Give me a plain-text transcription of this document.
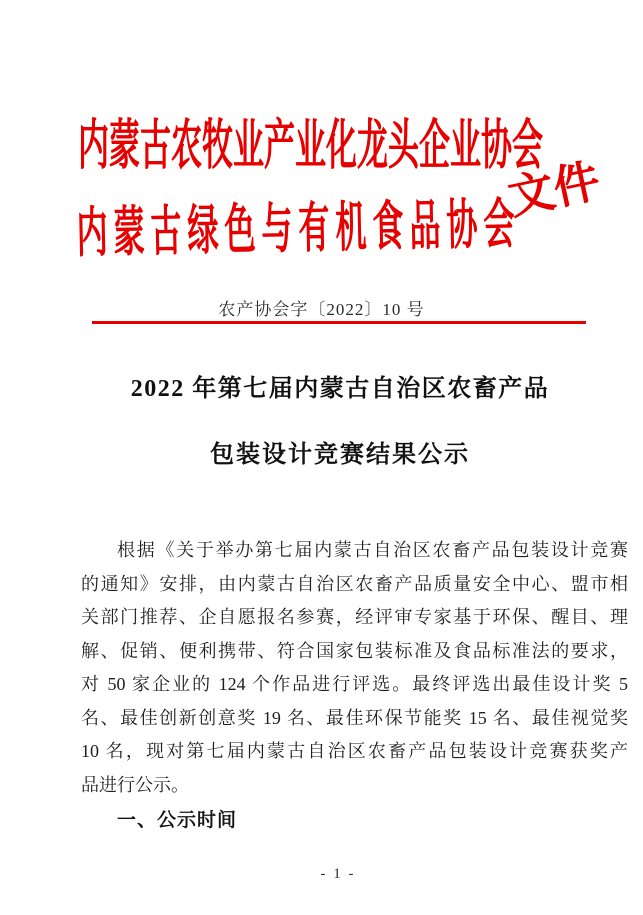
内蒙古农牧业产业化龙头企业协会
内蒙古绿色与有机食品协会
文件
农产协会字〔2022〕10 号
2022 年第七届内蒙古自治区农畜产品
包装设计竞赛结果公示
根据《关于举办第七届内蒙古自治区农畜产品包装设计竞赛
的通知》安排，由内蒙古自治区农畜产品质量安全中心、盟市相
关部门推荐、企自愿报名参赛，经评审专家基于环保、醒目、理
解、促销、便利携带、符合国家包装标准及食品标准法的要求，
对 50 家企业的 124 个作品进行评选。最终评选出最佳设计奖 5
名、最佳创新创意奖 19 名、最佳环保节能奖 15 名、最佳视觉奖
10 名，现对第七届内蒙古自治区农畜产品包装设计竞赛获奖产
品进行公示。
一、公示时间
- 1 -
